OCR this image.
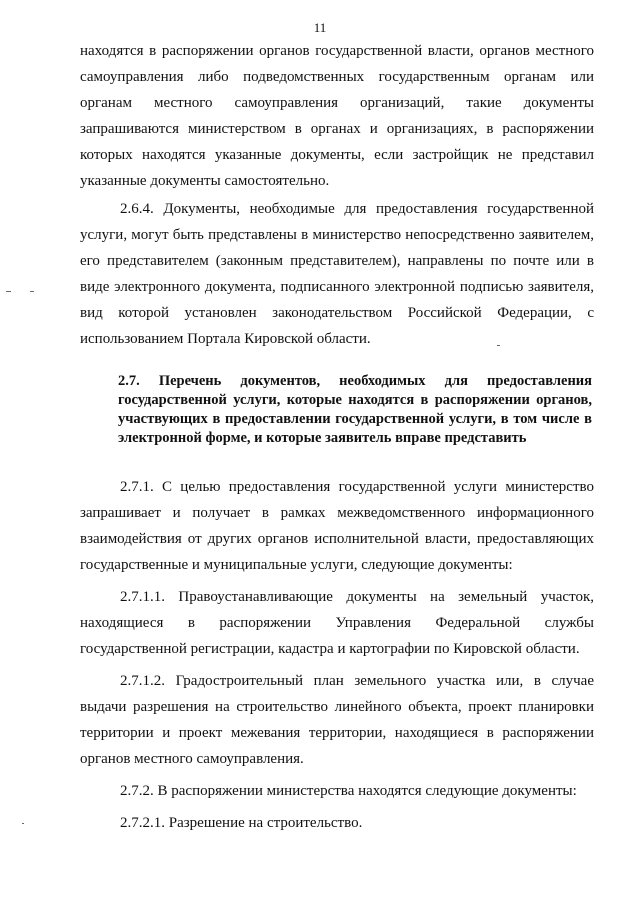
11
находятся в распоряжении органов государственной власти, органов местного самоуправления либо подведомственных государственным органам или органам местного самоуправления организаций, такие документы запрашиваются министерством в органах и организациях, в распоряжении которых находятся указанные документы, если застройщик не представил указанные документы самостоятельно.
2.6.4. Документы, необходимые для предоставления государственной услуги, могут быть представлены в министерство непосредственно заявителем, его представителем (законным представителем), направлены по почте или в виде электронного документа, подписанного электронной подписью заявителя, вид которой установлен законодательством Российской Федерации, с использованием Портала Кировской области.
2.7. Перечень документов, необходимых для предоставления государственной услуги, которые находятся в распоряжении органов, участвующих в предоставлении государственной услуги, в том числе в электронной форме, и которые заявитель вправе представить

2.7.1. С целью предоставления государственной услуги министерство запрашивает и получает в рамках межведомственного информационного взаимодействия от других органов исполнительной власти, предоставляющих государственные и муниципальные услуги, следующие документы:

2.7.1.1. Правоустанавливающие документы на земельный участок, находящиеся в распоряжении Управления Федеральной службы государственной регистрации, кадастра и картографии по Кировской области.

2.7.1.2. Градостроительный план земельного участка или, в случае выдачи разрешения на строительство линейного объекта, проект планировки территории и проект межевания территории, находящиеся в распоряжении органов местного самоуправления.

2.7.2. В распоряжении министерства находятся следующие документы:

2.7.2.1. Разрешение на строительство.
